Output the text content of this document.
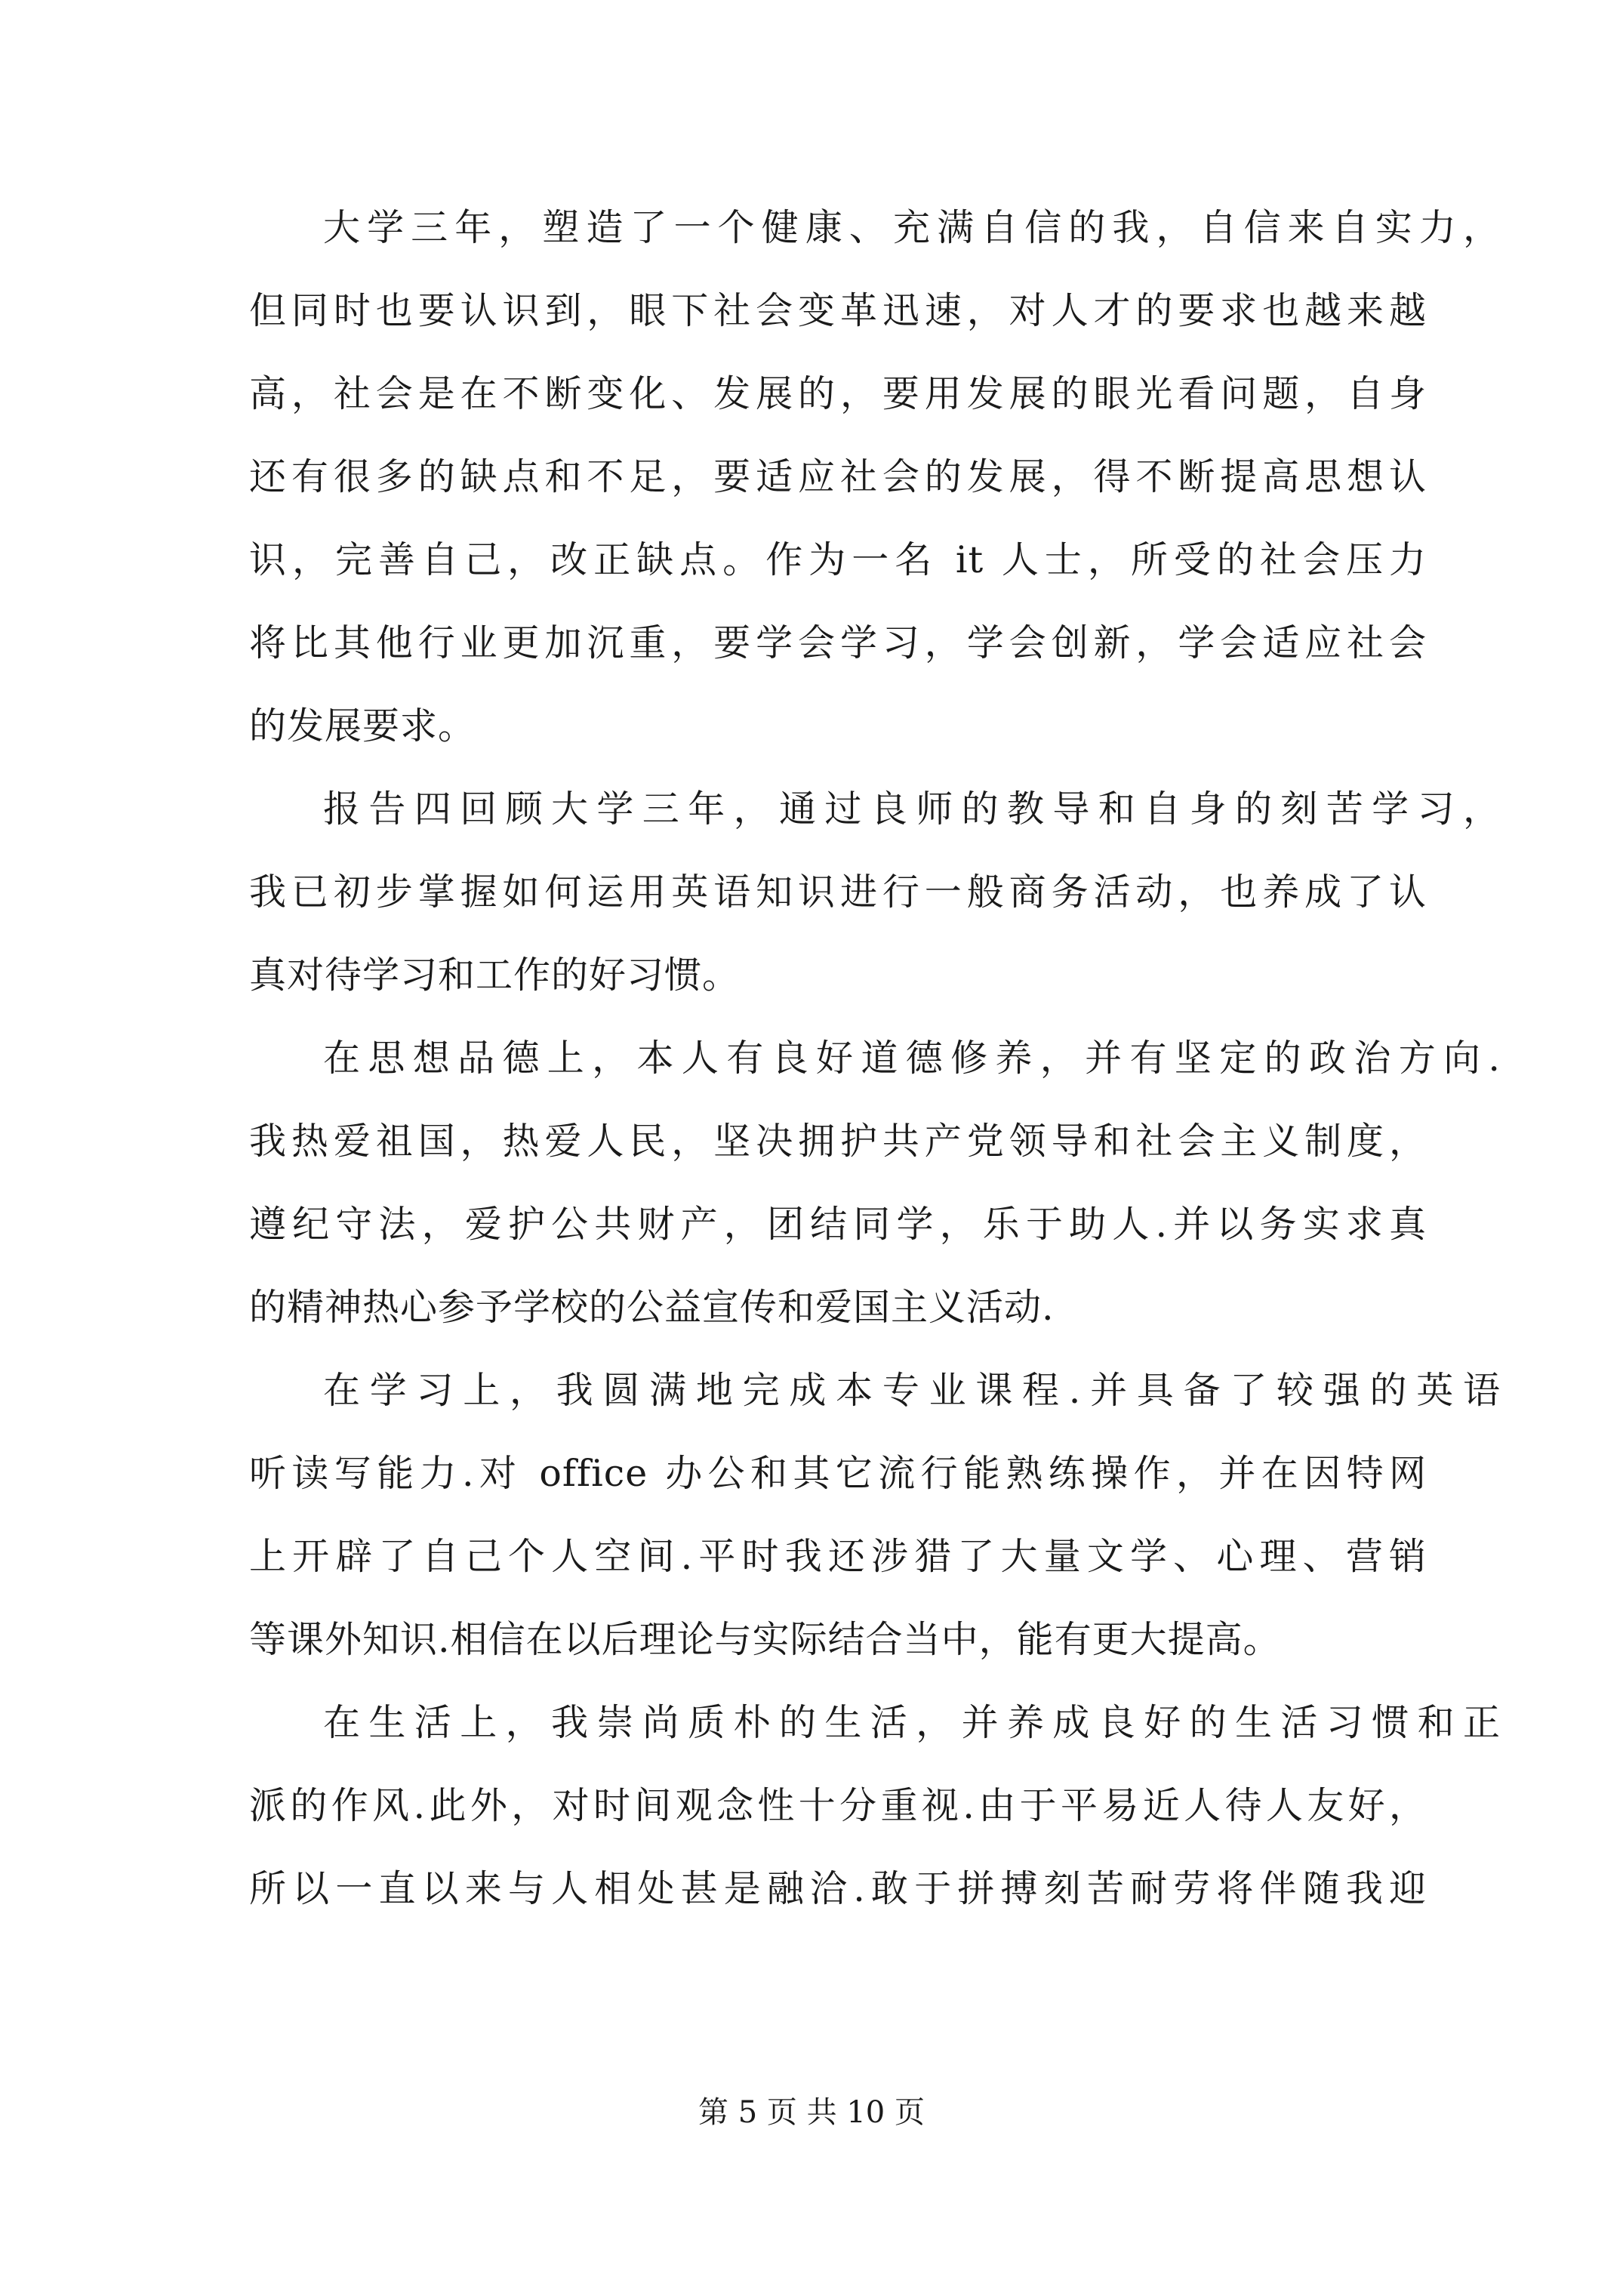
大学三年，塑造了一个健康、充满自信的我，自信来自实力，
但同时也要认识到，眼下社会变革迅速，对人才的要求也越来越
高，社会是在不断变化、发展的，要用发展的眼光看问题，自身
还有很多的缺点和不足，要适应社会的发展，得不断提高思想认
识，完善自己，改正缺点。作为一名 it 人士，所受的社会压力
将比其他行业更加沉重，要学会学习，学会创新，学会适应社会
的发展要求。
报告四回顾大学三年，通过良师的教导和自身的刻苦学习，
我已初步掌握如何运用英语知识进行一般商务活动，也养成了认
真对待学习和工作的好习惯。
在思想品德上，本人有良好道德修养，并有坚定的政治方向.
我热爱祖国，热爱人民，坚决拥护共产党领导和社会主义制度，
遵纪守法，爱护公共财产，团结同学，乐于助人.并以务实求真
的精神热心参予学校的公益宣传和爱国主义活动.
在学习上，我圆满地完成本专业课程.并具备了较强的英语
听读写能力.对 office 办公和其它流行能熟练操作，并在因特网
上开辟了自己个人空间.平时我还涉猎了大量文学、心理、营销
等课外知识.相信在以后理论与实际结合当中，能有更大提高。
在生活上，我崇尚质朴的生活，并养成良好的生活习惯和正
派的作风.此外，对时间观念性十分重视.由于平易近人待人友好，
所以一直以来与人相处甚是融洽.敢于拼搏刻苦耐劳将伴随我迎
第 5 页 共 10 页
